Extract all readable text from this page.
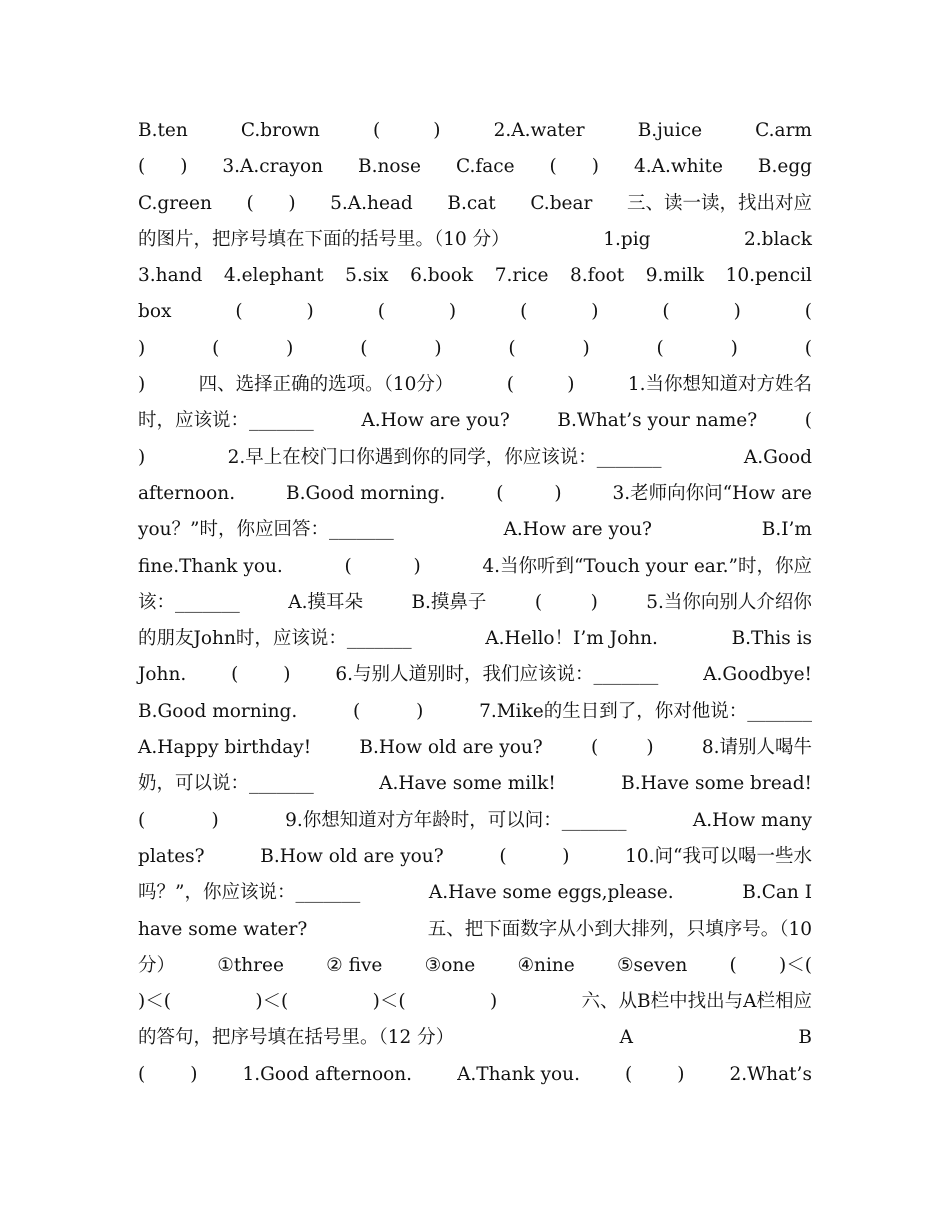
B.ten	C.brown	(	)	2.A.water	B.juice	C.arm
( ) 3.A.crayon B.nose C.face ( ) 4.A.white B.egg
C.green ( ) 5.A.head B.cat C.bear 三、读一读，找出对应
的图片，把序号填在下面的括号里。（10 分）	1.pig	2.black
3.hand 4.elephant 5.six 6.book 7.rice 8.foot 9.milk 10.pencil
box	(	)	(	)	(	)	(	)	(
)	(	)	(	)	(	)	(	)	(
)	四、选择正确的选项。（10分）	(	)	1.当你想知道对方姓名
时，应该说：_______	A.How are you?	B.What’s your name?	(
)	2.早上在校门口你遇到你的同学，你应该说：_______	A.Good
afternoon.	B.Good morning.	(	)	3.老师向你问“How are
you？”时，你应回答：_______	A.How are you?	B.I’m
fine.Thank you.	(	)	4.当你听到“Touch your ear.”时，你应
该：_______	A.摸耳朵	B.摸鼻子	(	)	5.当你向别人介绍你
的朋友John时，应该说：_______	A.Hello！I’m John.	B.This is
John. ( ) 6.与别人道别时，我们应该说：_______ A.Goodbye!
B.Good morning.	(	)	7.Mike的生日到了，你对他说：_______
A.Happy birthday!	B.How old are you?	(	)	8.请别人喝牛
奶，可以说：_______	A.Have some milk!	B.Have some bread!
(	)	9.你想知道对方年龄时，可以问：_______	A.How many
plates?	B.How old are you?	(	)	10.问“我可以喝一些水
吗？”，你应该说：_______	A.Have some eggs,please.	B.Can I
have some water?	五、把下面数字从小到大排列，只填序号。（10
分） ①three ② five ③one ④nine ⑤seven ( )＜(
)＜(	)＜(	)＜(	)	六、从B栏中找出与A栏相应
的答句，把序号填在括号里。（12 分）	A	B
( ) 1.Good afternoon. A.Thank you. ( ) 2.What’s
